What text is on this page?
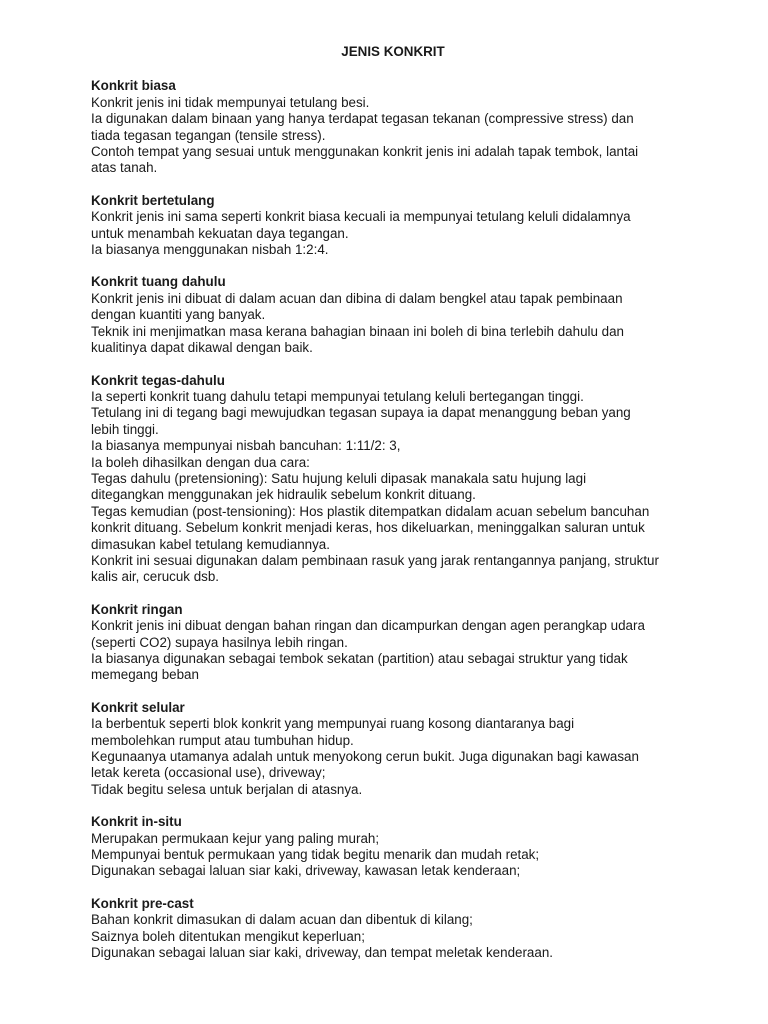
JENIS KONKRIT
Konkrit biasa
Konkrit jenis ini tidak mempunyai tetulang besi.
Ia digunakan dalam binaan yang hanya terdapat tegasan tekanan (compressive stress) dan
tiada tegasan tegangan (tensile stress).
Contoh tempat yang sesuai untuk menggunakan konkrit jenis ini adalah tapak tembok, lantai
atas tanah.
Konkrit bertetulang
Konkrit jenis ini sama seperti konkrit biasa kecuali ia mempunyai tetulang keluli didalamnya
untuk menambah kekuatan daya tegangan.
Ia biasanya menggunakan nisbah 1:2:4.
Konkrit tuang dahulu
Konkrit jenis ini dibuat di dalam acuan dan dibina di dalam bengkel atau tapak pembinaan
dengan kuantiti yang banyak.
Teknik ini menjimatkan masa kerana bahagian binaan ini boleh di bina terlebih dahulu dan
kualitinya dapat dikawal dengan baik.
Konkrit tegas-dahulu
Ia seperti konkrit tuang dahulu tetapi mempunyai tetulang keluli bertegangan tinggi.
Tetulang ini di tegang bagi mewujudkan tegasan supaya ia dapat menanggung beban yang
lebih tinggi.
Ia biasanya mempunyai nisbah bancuhan: 1:11/2: 3,
Ia boleh dihasilkan dengan dua cara:
Tegas dahulu (pretensioning): Satu hujung keluli dipasak manakala satu hujung lagi
ditegangkan menggunakan jek hidraulik sebelum konkrit dituang.
Tegas kemudian (post-tensioning): Hos plastik ditempatkan didalam acuan sebelum bancuhan
konkrit dituang. Sebelum konkrit menjadi keras, hos dikeluarkan, meninggalkan saluran untuk
dimasukan kabel tetulang kemudiannya.
Konkrit ini sesuai digunakan dalam pembinaan rasuk yang jarak rentangannya panjang, struktur
kalis air, cerucuk dsb.
Konkrit ringan
Konkrit jenis ini dibuat dengan bahan ringan dan dicampurkan dengan agen perangkap udara
(seperti CO2) supaya hasilnya lebih ringan.
Ia biasanya digunakan sebagai tembok sekatan (partition) atau sebagai struktur yang tidak
memegang beban
Konkrit selular
Ia berbentuk seperti blok konkrit yang mempunyai ruang kosong diantaranya bagi
membolehkan rumput atau tumbuhan hidup.
Kegunaanya utamanya adalah untuk menyokong cerun bukit. Juga digunakan bagi kawasan
letak kereta (occasional use), driveway;
Tidak begitu selesa untuk berjalan di atasnya.
Konkrit in-situ
Merupakan permukaan kejur yang paling murah;
Mempunyai bentuk permukaan yang tidak begitu menarik dan mudah retak;
Digunakan sebagai laluan siar kaki, driveway, kawasan letak kenderaan;
Konkrit pre-cast
Bahan konkrit dimasukan di dalam acuan dan dibentuk di kilang;
Saiznya boleh ditentukan mengikut keperluan;
Digunakan sebagai laluan siar kaki, driveway, dan tempat meletak kenderaan.
